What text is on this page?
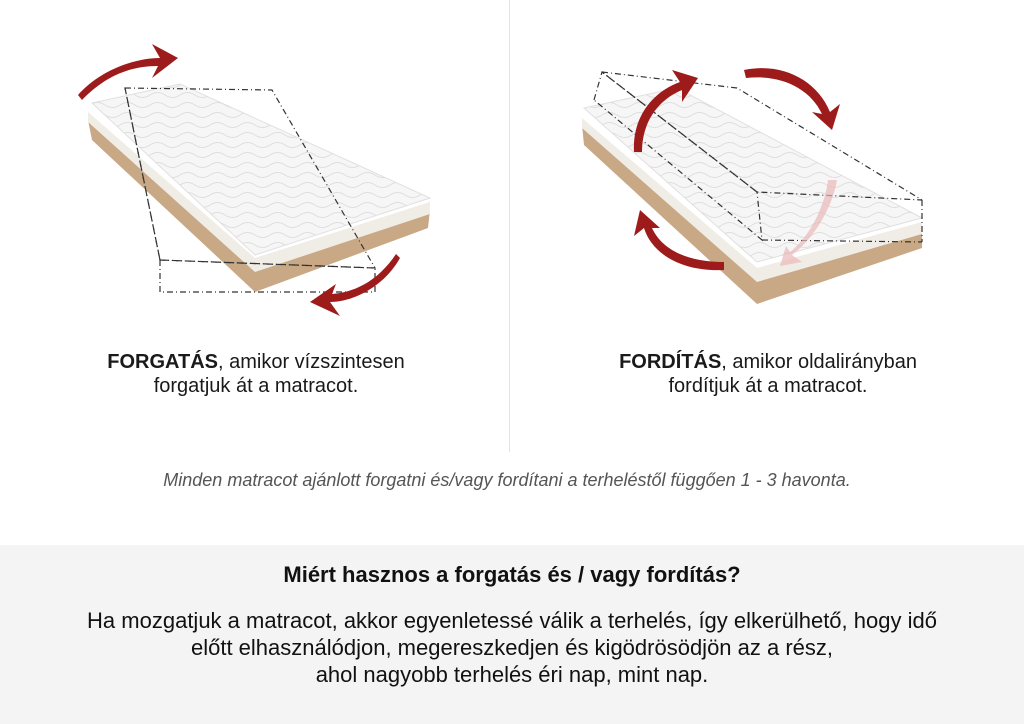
FORGATÁS, amikor vízszintesen
forgatjuk át a matracot.
FORDÍTÁS, amikor oldalirányban
fordítjuk át a matracot.
Minden matracot ajánlott forgatni és/vagy fordítani a terheléstől függően 1 - 3 havonta.
Miért hasznos a forgatás és / vagy fordítás?
Ha mozgatjuk a matracot, akkor egyenletessé válik a terhelés, így elkerülhető, hogy idő
előtt elhasználódjon, megereszkedjen és kigödrösödjön az a rész,
ahol nagyobb terhelés éri nap, mint nap.
